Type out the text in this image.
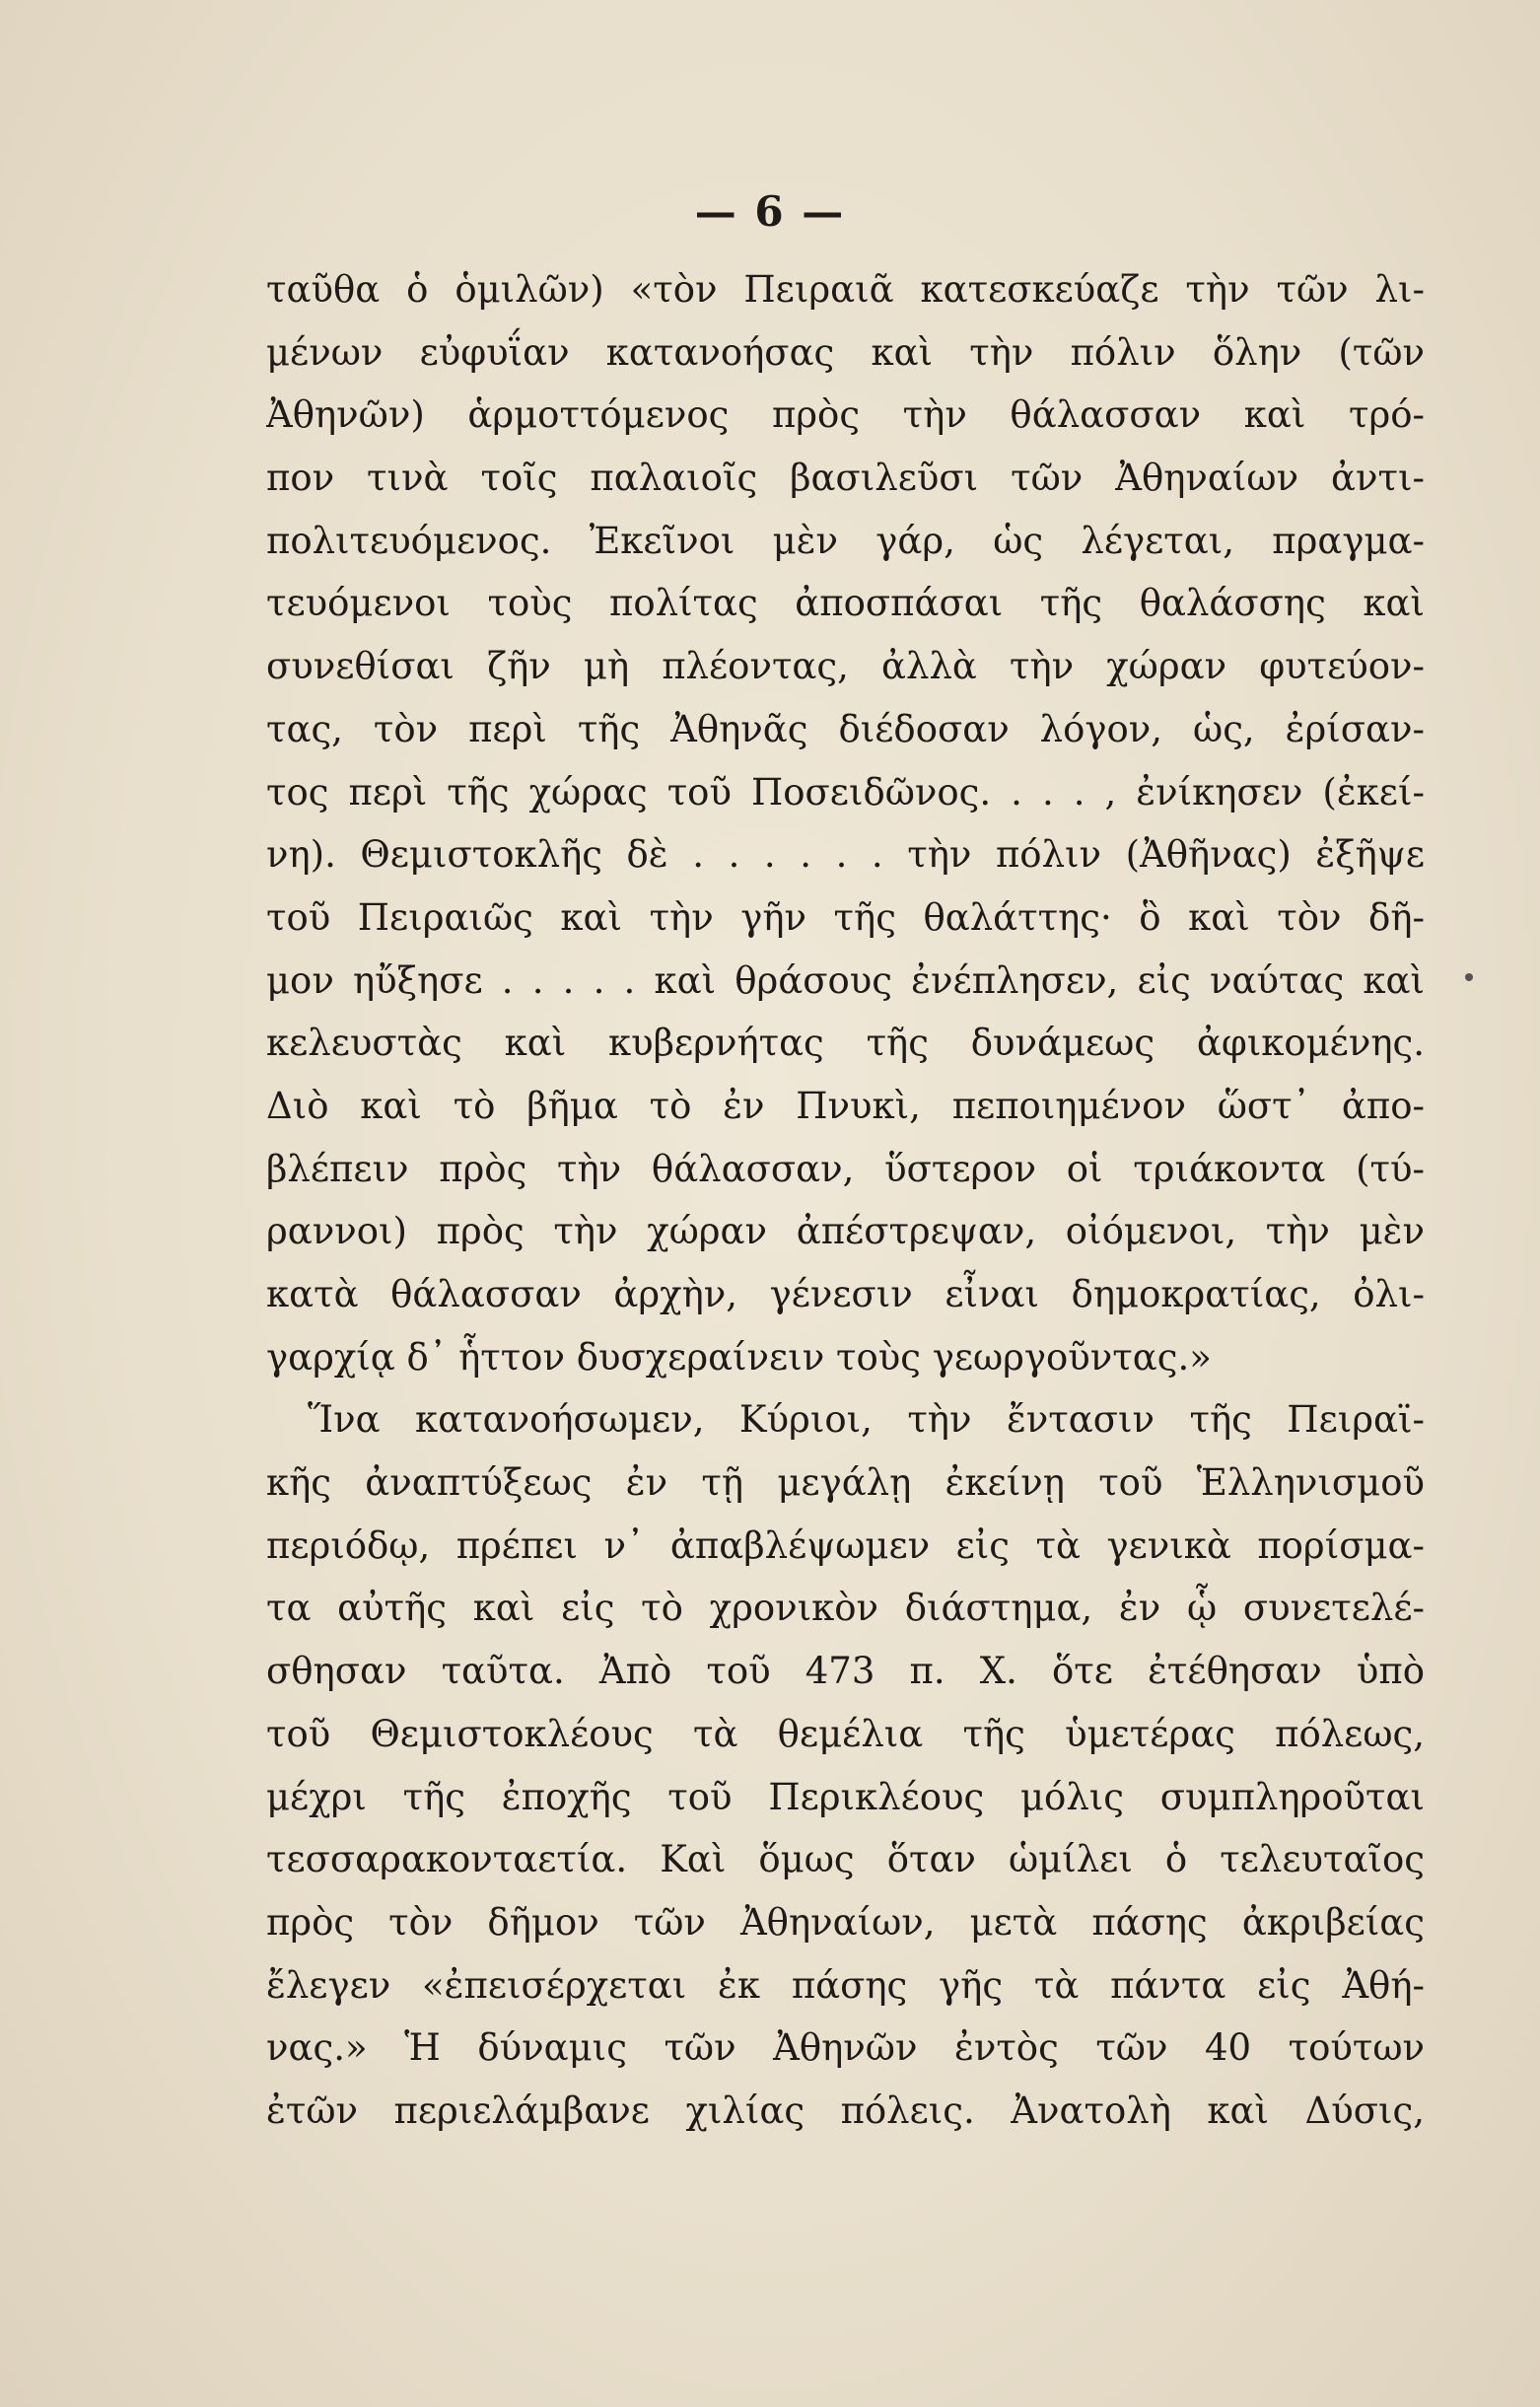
— 6 —
ταῦθα ὁ ὁμιλῶν) «τὸν Πειραιᾶ κατεσκεύαζε τὴν τῶν λι-
μένων εὐφυΐαν κατανοήσας καὶ τὴν πόλιν ὅλην (τῶν
Ἀθηνῶν) ἁρμοττόμενος πρὸς τὴν θάλασσαν καὶ τρό-
πον τινὰ τοῖς παλαιοῖς βασιλεῦσι τῶν Ἀθηναίων ἀντι-
πολιτευόμενος. Ἐκεῖνοι μὲν γάρ, ὡς λέγεται, πραγμα-
τευόμενοι τοὺς πολίτας ἀποσπάσαι τῆς θαλάσσης καὶ
συνεθίσαι ζῆν μὴ πλέοντας, ἀλλὰ τὴν χώραν φυτεύον-
τας, τὸν περὶ τῆς Ἀθηνᾶς διέδοσαν λόγον, ὡς, ἐρίσαν-
τος περὶ τῆς χώρας τοῦ Ποσειδῶνος. . . . , ἐνίκησεν (ἐκεί-
νη). Θεμιστοκλῆς δὲ . . . . . . τὴν πόλιν (Ἀθῆνας) ἐξῆψε
τοῦ Πειραιῶς καὶ τὴν γῆν τῆς θαλάττης· ὃ καὶ τὸν δῆ-
μον ηὔξησε . . . . . καὶ θράσους ἐνέπλησεν, εἰς ναύτας καὶ
κελευστὰς καὶ κυβερνήτας τῆς δυνάμεως ἀφικομένης.
Διὸ καὶ τὸ βῆμα τὸ ἐν Πνυκὶ, πεποιημένον ὥστ᾽ ἀπο-
βλέπειν πρὸς τὴν θάλασσαν, ὕστερον οἱ τριάκοντα (τύ-
ραννοι) πρὸς τὴν χώραν ἀπέστρεψαν, οἰόμενοι, τὴν μὲν
κατὰ θάλασσαν ἀρχὴν, γένεσιν εἶναι δημοκρατίας, ὀλι-
γαρχίᾳ δ᾽ ἧττον δυσχεραίνειν τοὺς γεωργοῦντας.»
Ἵνα κατανοήσωμεν, Κύριοι, τὴν ἔντασιν τῆς Πειραϊ-
κῆς ἀναπτύξεως ἐν τῇ μεγάλῃ ἐκείνῃ τοῦ Ἑλληνισμοῦ
περιόδῳ, πρέπει ν᾽ ἀπαβλέψωμεν εἰς τὰ γενικὰ πορίσμα-
τα αὐτῆς καὶ εἰς τὸ χρονικὸν διάστημα, ἐν ᾧ συνετελέ-
σθησαν ταῦτα. Ἀπὸ τοῦ 473 π. Χ. ὅτε ἐτέθησαν ὑπὸ
τοῦ Θεμιστοκλέους τὰ θεμέλια τῆς ὑμετέρας πόλεως,
μέχρι τῆς ἐποχῆς τοῦ Περικλέους μόλις συμπληροῦται
τεσσαρακονταετία. Καὶ ὅμως ὅταν ὡμίλει ὁ τελευταῖος
πρὸς τὸν δῆμον τῶν Ἀθηναίων, μετὰ πάσης ἀκριβείας
ἔλεγεν «ἐπεισέρχεται ἐκ πάσης γῆς τὰ πάντα εἰς Ἀθή-
νας.» Ἡ δύναμις τῶν Ἀθηνῶν ἐντὸς τῶν 40 τούτων
ἐτῶν περιελάμβανε χιλίας πόλεις. Ἀνατολὴ καὶ Δύσις,
